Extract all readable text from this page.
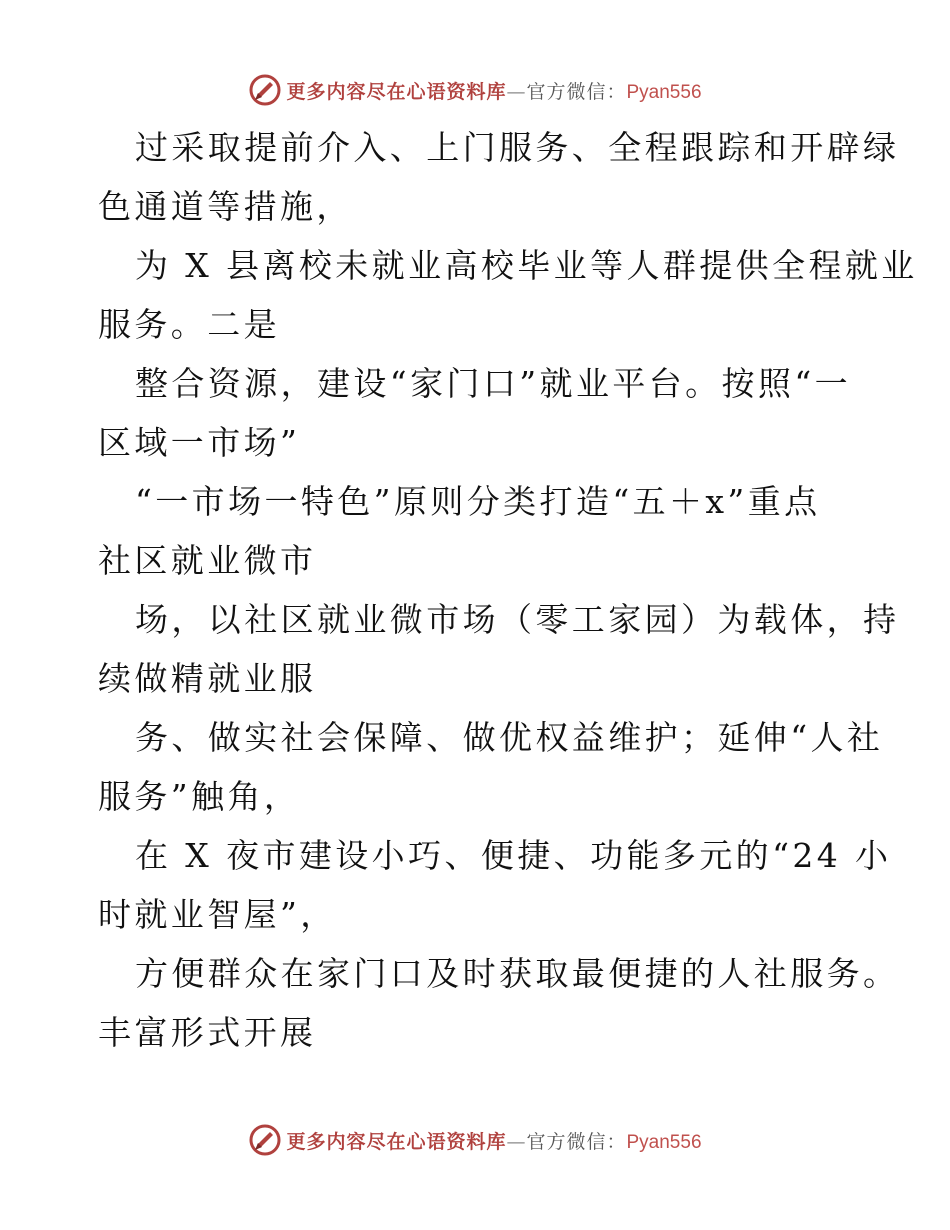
更多内容尽在心语资料库—官方微信：Pyan556

过采取提前介入、上门服务、全程跟踪和开辟绿
色通道等措施，

为 X 县离校未就业高校毕业等人群提供全程就业
服务。二是

整合资源，建设“家门口”就业平台。按照“一
区域一市场”

“一市场一特色”原则分类打造“五＋x”重点
社区就业微市

场，以社区就业微市场（零工家园）为载体，持
续做精就业服

务、做实社会保障、做优权益维护；延伸“人社
服务”触角，

在 X 夜市建设小巧、便捷、功能多元的“24 小
时就业智屋”，

方便群众在家门口及时获取最便捷的人社服务。
丰富形式开展

更多内容尽在心语资料库—官方微信：Pyan556
